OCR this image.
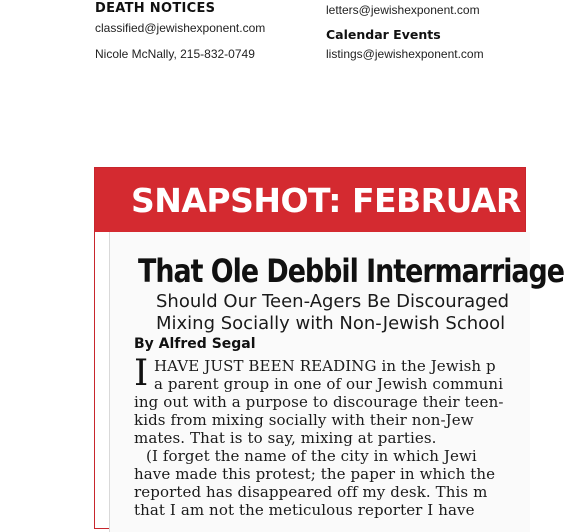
DEATH NOTICES
classified@jewishexponent.com
Nicole McNally, 215-832-0749
letters@jewishexponent.com
Calendar Events
listings@jewishexponent.com
SNAPSHOT: FEBRUAR
That Ole Debbil Intermarriage
Should Our Teen-Agers Be Discouraged
Mixing Socially with Non-Jewish School
By Alfred Segal
I HAVE JUST BEEN READING in the Jewish p
a parent group in one of our Jewish communi
ing out with a purpose to discourage their teen-
kids from mixing socially with their non-Jew
mates. That is to say, mixing at parties.
(I forget the name of the city in which Jewi
have made this protest; the paper in which the
reported has disappeared off my desk. This m
that I am not the meticulous reporter I have
